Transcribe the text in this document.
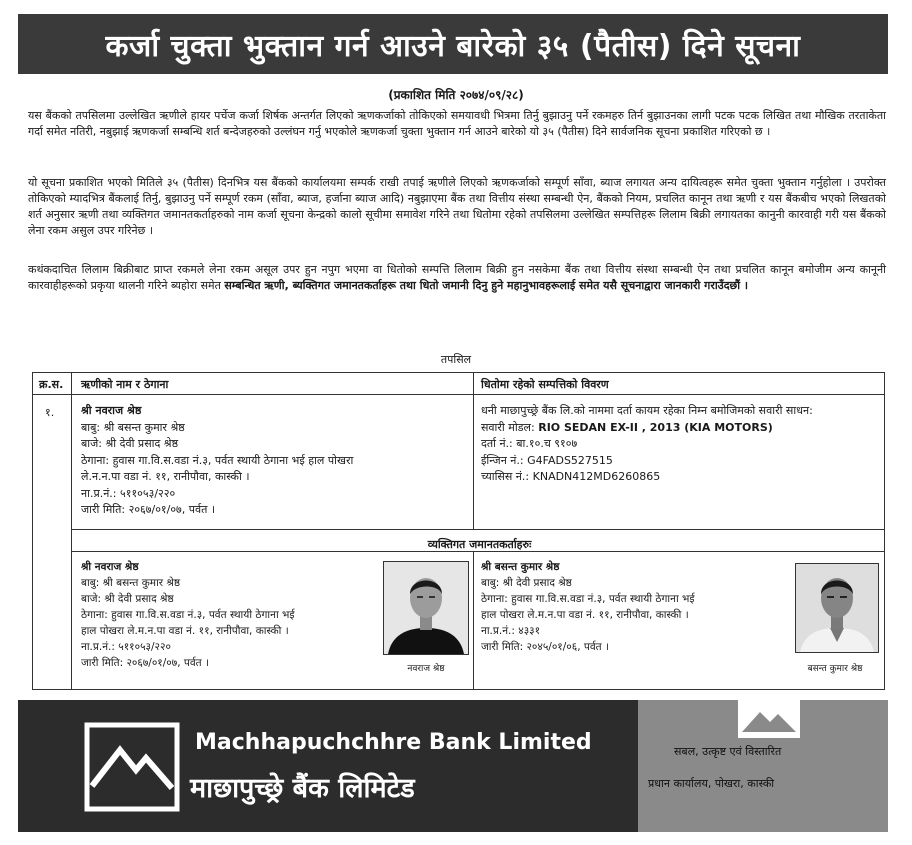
कर्जा चुक्ता भुक्तान गर्न आउने बारेको ३५ (पैतीस) दिने सूचना
(प्रकाशित मिति २०७४/०९/२८)
यस बैंकको तपसिलमा उल्लेखित ऋणीले हायर पर्चेज कर्जा शिर्षक अन्तर्गत लिएको ऋणकर्जाको तोकिएको समयावधी भित्रमा तिर्नु बुझाउनु पर्ने रकमहरु तिर्न बुझाउनका लागी पटक पटक लिखित तथा मौखिक तरताकेता गर्दा समेत नतिरी, नबुझाई ऋणकर्जा सम्बन्धि शर्त बन्देजहरुको उल्लंघन गर्नु भएकोले ऋणकर्जा चुक्ता भुक्तान गर्न आउने बारेको यो ३५ (पैतीस) दिने सार्वजनिक सूचना प्रकाशित गरिएको छ ।
यो सूचना प्रकाशित भएको मितिले ३५ (पैतीस) दिनभित्र यस बैंकको कार्यालयमा सम्पर्क राखी तपाई ऋणीले लिएको ऋणकर्जाको सम्पूर्ण साँवा, ब्याज लगायत अन्य दायित्वहरू समेत चुक्ता भुक्तान गर्नुहोला । उपरोक्त तोकिएको म्यादभित्र बैंकलाई तिर्नु, बुझाउनु पर्ने सम्पूर्ण रकम (साँवा, ब्याज, हर्जाना ब्याज आदि) नबुझाएमा बैंक तथा वित्तीय संस्था सम्बन्धी ऐन, बैंकको नियम, प्रचलित कानून तथा ऋणी र यस बैंकबीच भएको लिखतको शर्त अनुसार ऋणी तथा व्यक्तिगत जमानतकर्ताहरुको नाम कर्जा सूचना केन्द्रको कालो सूचीमा समावेश गरिने तथा धितोमा रहेको तपसिलमा उल्लेखित सम्पत्तिहरू लिलाम बिक्री लगायतका कानुनी कारवाही गरी यस बैंकको लेना रकम असुल उपर गरिनेछ ।
कथंकदाचित लिलाम बिक्रीबाट प्राप्त रकमले लेना रकम असूल उपर हुन नपुग भएमा वा धितोको सम्पत्ति लिलाम बिक्री हुन नसकेमा बैंक तथा वित्तीय संस्था सम्बन्धी ऐन तथा प्रचलित कानून बमोजीम अन्य कानूनी कारवाहीहरूको प्रकृया थालनी गरिने ब्यहोरा समेत सम्बन्धित ऋणी, ब्यक्तिगत जमानतकर्ताहरू तथा धितो जमानी दिनु हुने महानुभावहरूलाई समेत यसै सूचनाद्वारा जानकारी गराउँदछौं ।
तपसिल
क्र.स. ऋणीको नाम र ठेगाना	धितोमा रहेको सम्पत्तिको विवरण
१. श्री नवराज श्रेष्ठ
बाबु: श्री बसन्त कुमार श्रेष्ठ
बाजे: श्री देवी प्रसाद श्रेष्ठ
ठेगाना: हुवास गा.वि.स.वडा नं.३, पर्वत स्थायी ठेगाना भई हाल पोखरा
ले.न.न.पा वडा नं. ११, रानीपौवा, कास्की ।
ना.प्र.नं.: ५११०५३/२२०
जारी मिति: २०६७/०१/०७, पर्वत ।
धनी माछापुच्छ्रे बैंक लि.को नाममा दर्ता कायम रहेका निम्न बमोजिमको सवारी साधन:
सवारी मोडल: RIO SEDAN EX-II , 2013 (KIA MOTORS)
दर्ता नं.: बा.१०.च ९१०७
ईन्जिन नं.: G4FADS527515
च्यासिस नं.: KNADN412MD6260865
व्यक्तिगत जमानतकर्ताहरुः
श्री नवराज श्रेष्ठ
बाबु: श्री बसन्त कुमार श्रेष्ठ
बाजे: श्री देवी प्रसाद श्रेष्ठ
ठेगाना: हुवास गा.वि.स.वडा नं.३, पर्वत स्थायी ठेगाना भई
हाल पोखरा ले.म.न.पा वडा नं. ११, रानीपौवा, कास्की ।
ना.प्र.नं.: ५११०५३/२२०
जारी मिति: २०६७/०१/०७, पर्वत ।	नवराज श्रेष्ठ
श्री बसन्त कुमार श्रेष्ठ
बाबु: श्री देवी प्रसाद श्रेष्ठ
ठेगाना: हुवास गा.वि.स.वडा नं.३, पर्वत स्थायी ठेगाना भई
हाल पोखरा ले.म.न.पा वडा नं. ११, रानीपौवा, कास्की ।
ना.प्र.नं.: ४३३१
जारी मिति: २०४५/०१/०६, पर्वत ।
बसन्त कुमार श्रेष्ठ
Machhapuchchhre Bank Limited
माछापुच्छ्रे बैंक लिमिटेड
सबल, उत्कृष्ट एवं विस्तारित
प्रधान कार्यालय, पोखरा, कास्की
